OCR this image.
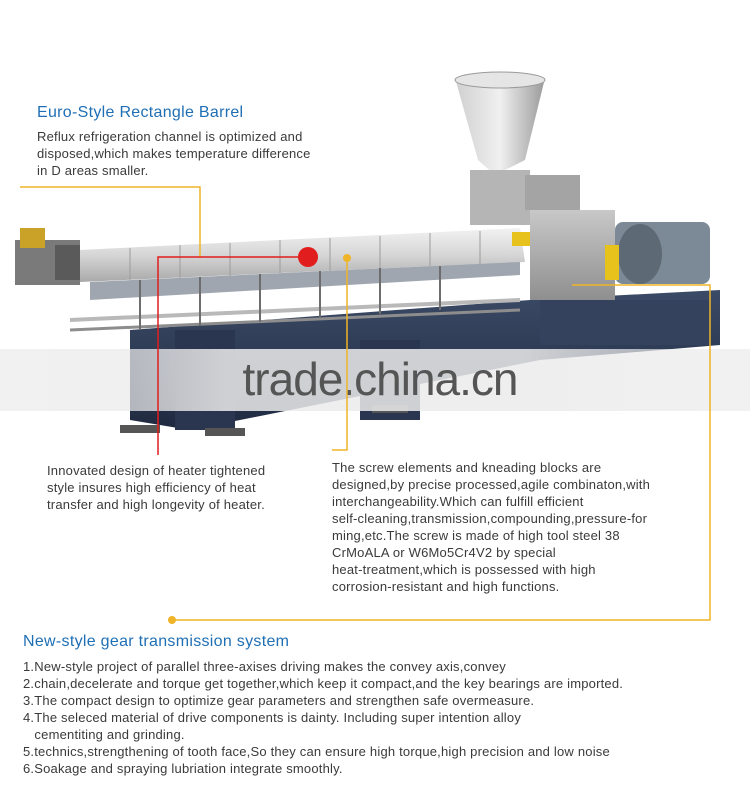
trade.china.cn
Euro-Style Rectangle Barrel
Reflux refrigeration channel is optimized and
disposed,which makes temperature difference
in D areas smaller.
Innovated design of heater tightened
style insures high efficiency of heat
transfer and high longevity of heater.
The screw elements and kneading blocks are
designed,by precise processed,agile combinaton,with
interchangeability.Which can fulfill efficient
self-cleaning,transmission,compounding,pressure-for
ming,etc.The screw is made of high tool steel 38
CrMoALA or W6Mo5Cr4V2 by special
heat-treatment,which is possessed with high
corrosion-resistant and high functions.
New-style gear transmission system
1.New-style project of parallel three-axises driving makes the convey axis,convey
2.chain,decelerate and torque get together,which keep it compact,and the key bearings are imported.
3.The compact design to optimize gear parameters and strengthen safe overmeasure.
4.The seleced material of drive components is dainty. Including super intention alloy
cementiting and grinding.
5.technics,strengthening of tooth face,So they can ensure high torque,high precision and low noise
6.Soakage and spraying lubriation integrate smoothly.
